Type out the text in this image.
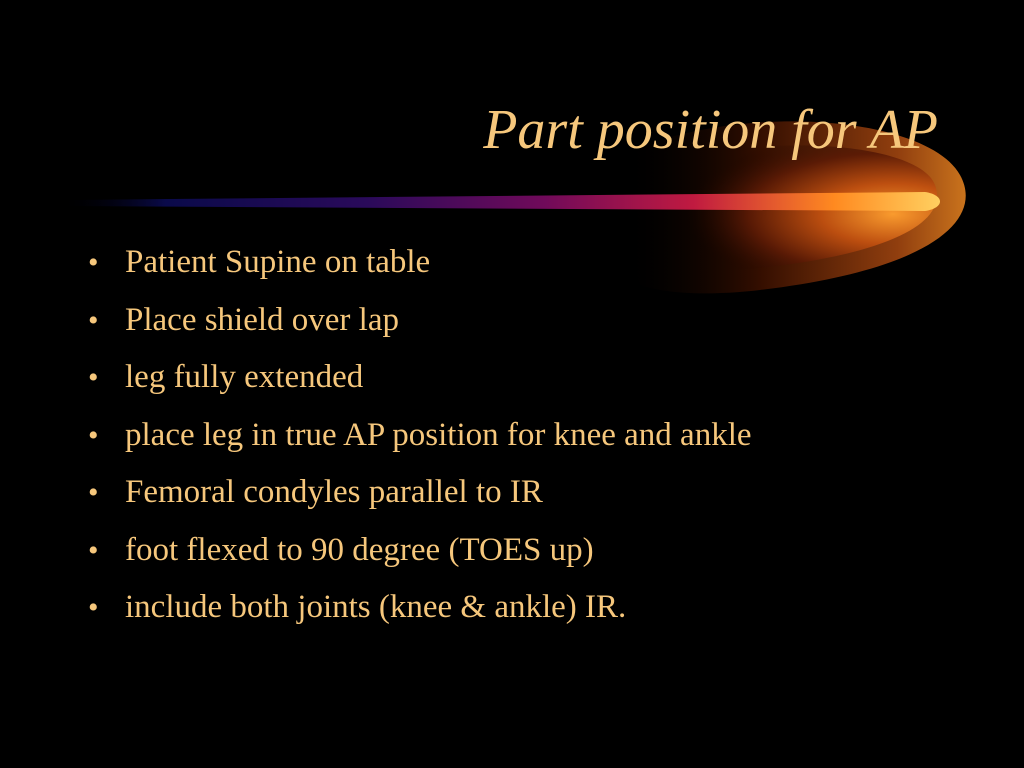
Part position for AP
• Patient Supine on table
• Place shield over lap
• leg fully extended
• place leg in true AP position for knee and ankle
• Femoral condyles parallel to IR
• foot flexed to 90 degree (TOES up)
• include both joints (knee & ankle) IR.
